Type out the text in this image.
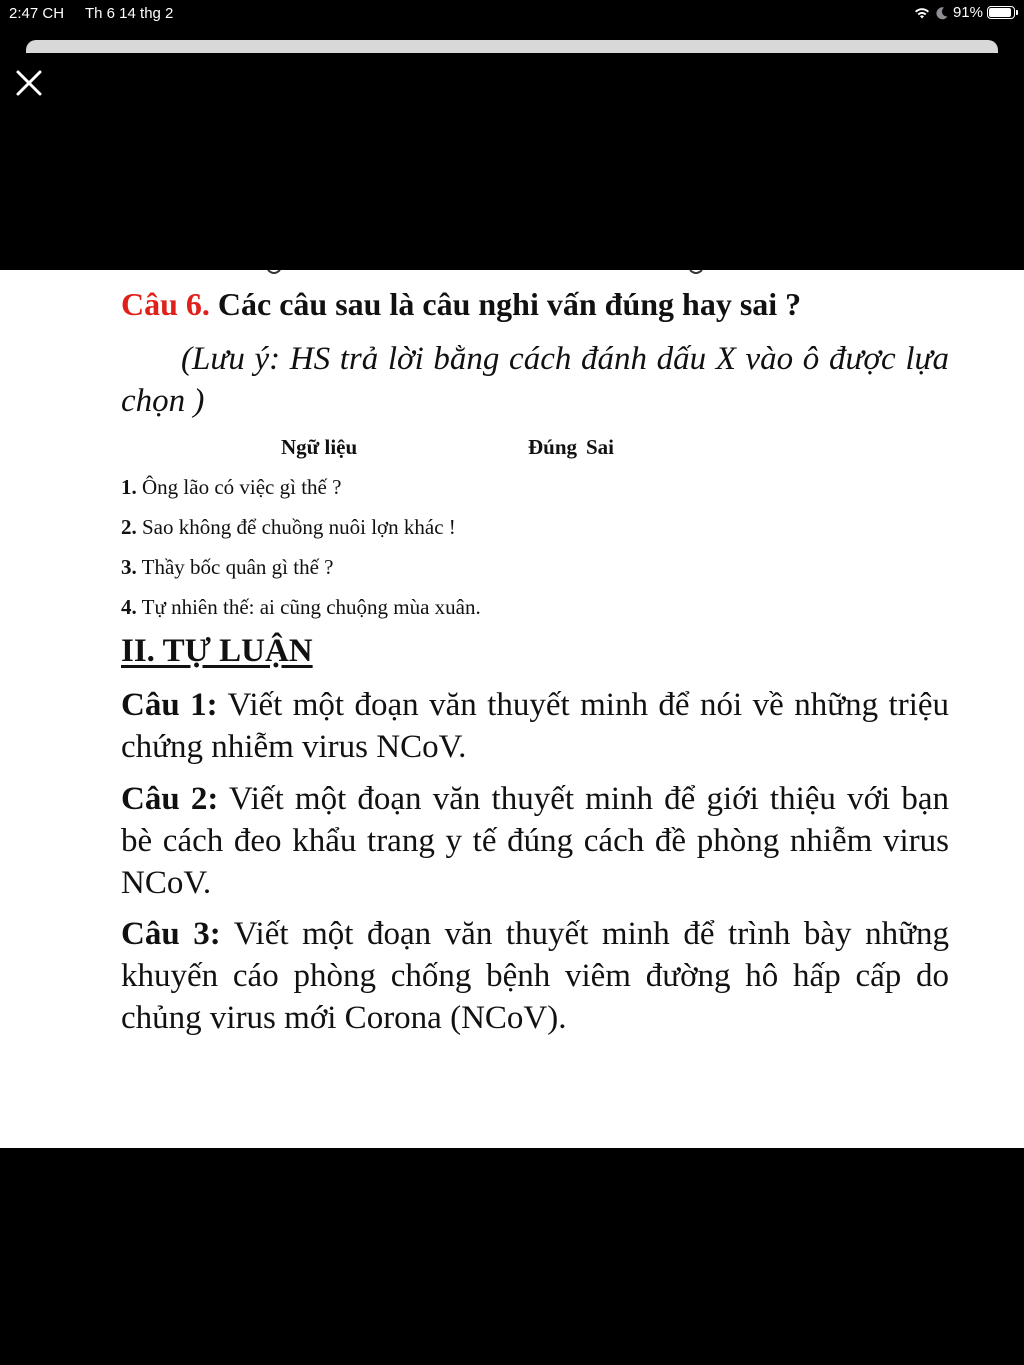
2:47 CH Th 6 14 thg 2	91%
Câu 6. Các câu sau là câu nghi vấn đúng hay sai ?
(Lưu ý: HS trả lời bằng cách đánh dấu X vào ô được lựa chọn )
Ngữ liệu	Đúng Sai
1. Ông lão có việc gì thế ?
2. Sao không để chuồng nuôi lợn khác !
3. Thầy bốc quân gì thế ?
4. Tự nhiên thế: ai cũng chuộng mùa xuân.
II. TỰ LUẬN
Câu 1: Viết một đoạn văn thuyết minh để nói về những triệu chứng nhiễm virus NCoV.
Câu 2: Viết một đoạn văn thuyết minh để giới thiệu với bạn bè cách đeo khẩu trang y tế đúng cách đề phòng nhiễm virus NCoV.
Câu 3: Viết một đoạn văn thuyết minh để trình bày những khuyến cáo phòng chống bệnh viêm đường hô hấp cấp do chủng virus mới Corona (NCoV).
